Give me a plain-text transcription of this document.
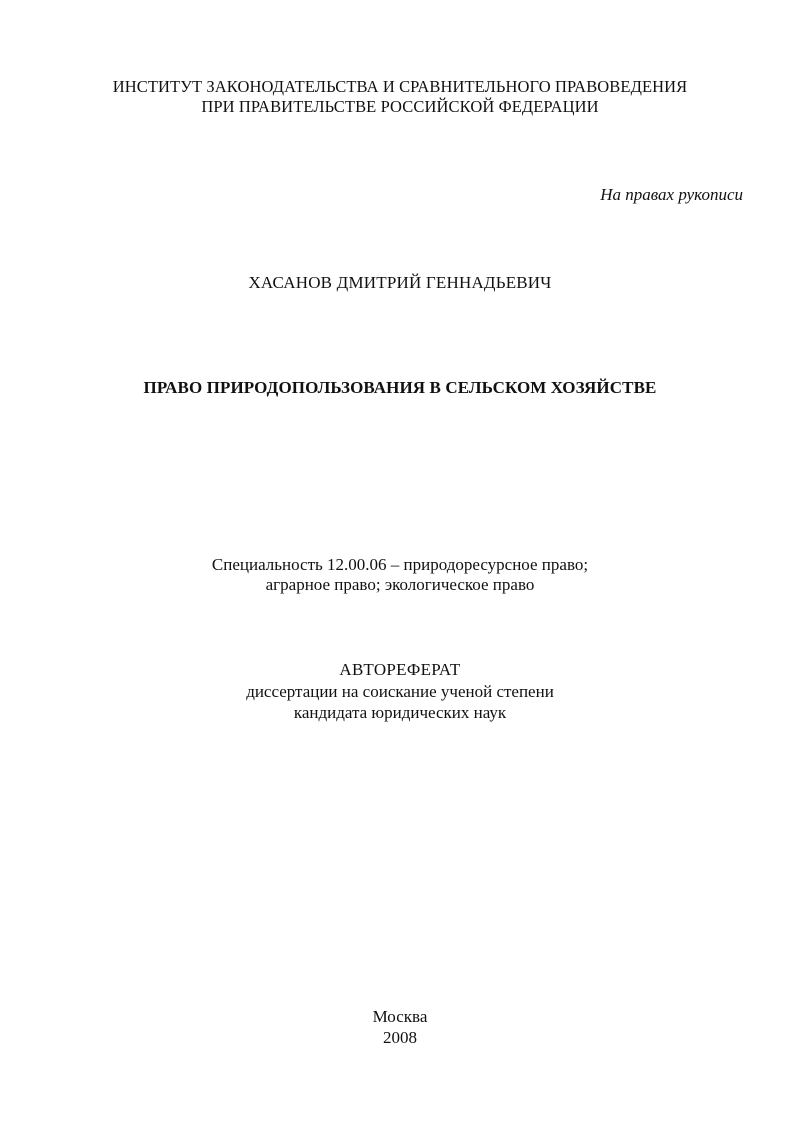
ИНСТИТУТ ЗАКОНОДАТЕЛЬСТВА И СРАВНИТЕЛЬНОГО ПРАВОВЕДЕНИЯ
ПРИ ПРАВИТЕЛЬСТВЕ РОССИЙСКОЙ ФЕДЕРАЦИИ
На правах рукописи
ХАСАНОВ ДМИТРИЙ ГЕННАДЬЕВИЧ
ПРАВО ПРИРОДОПОЛЬЗОВАНИЯ В СЕЛЬСКОМ ХОЗЯЙСТВЕ
Специальность 12.00.06 – природоресурсное право;
аграрное право; экологическое право
АВТОРЕФЕРАТ
диссертации на соискание ученой степени
кандидата юридических наук
Москва
2008
